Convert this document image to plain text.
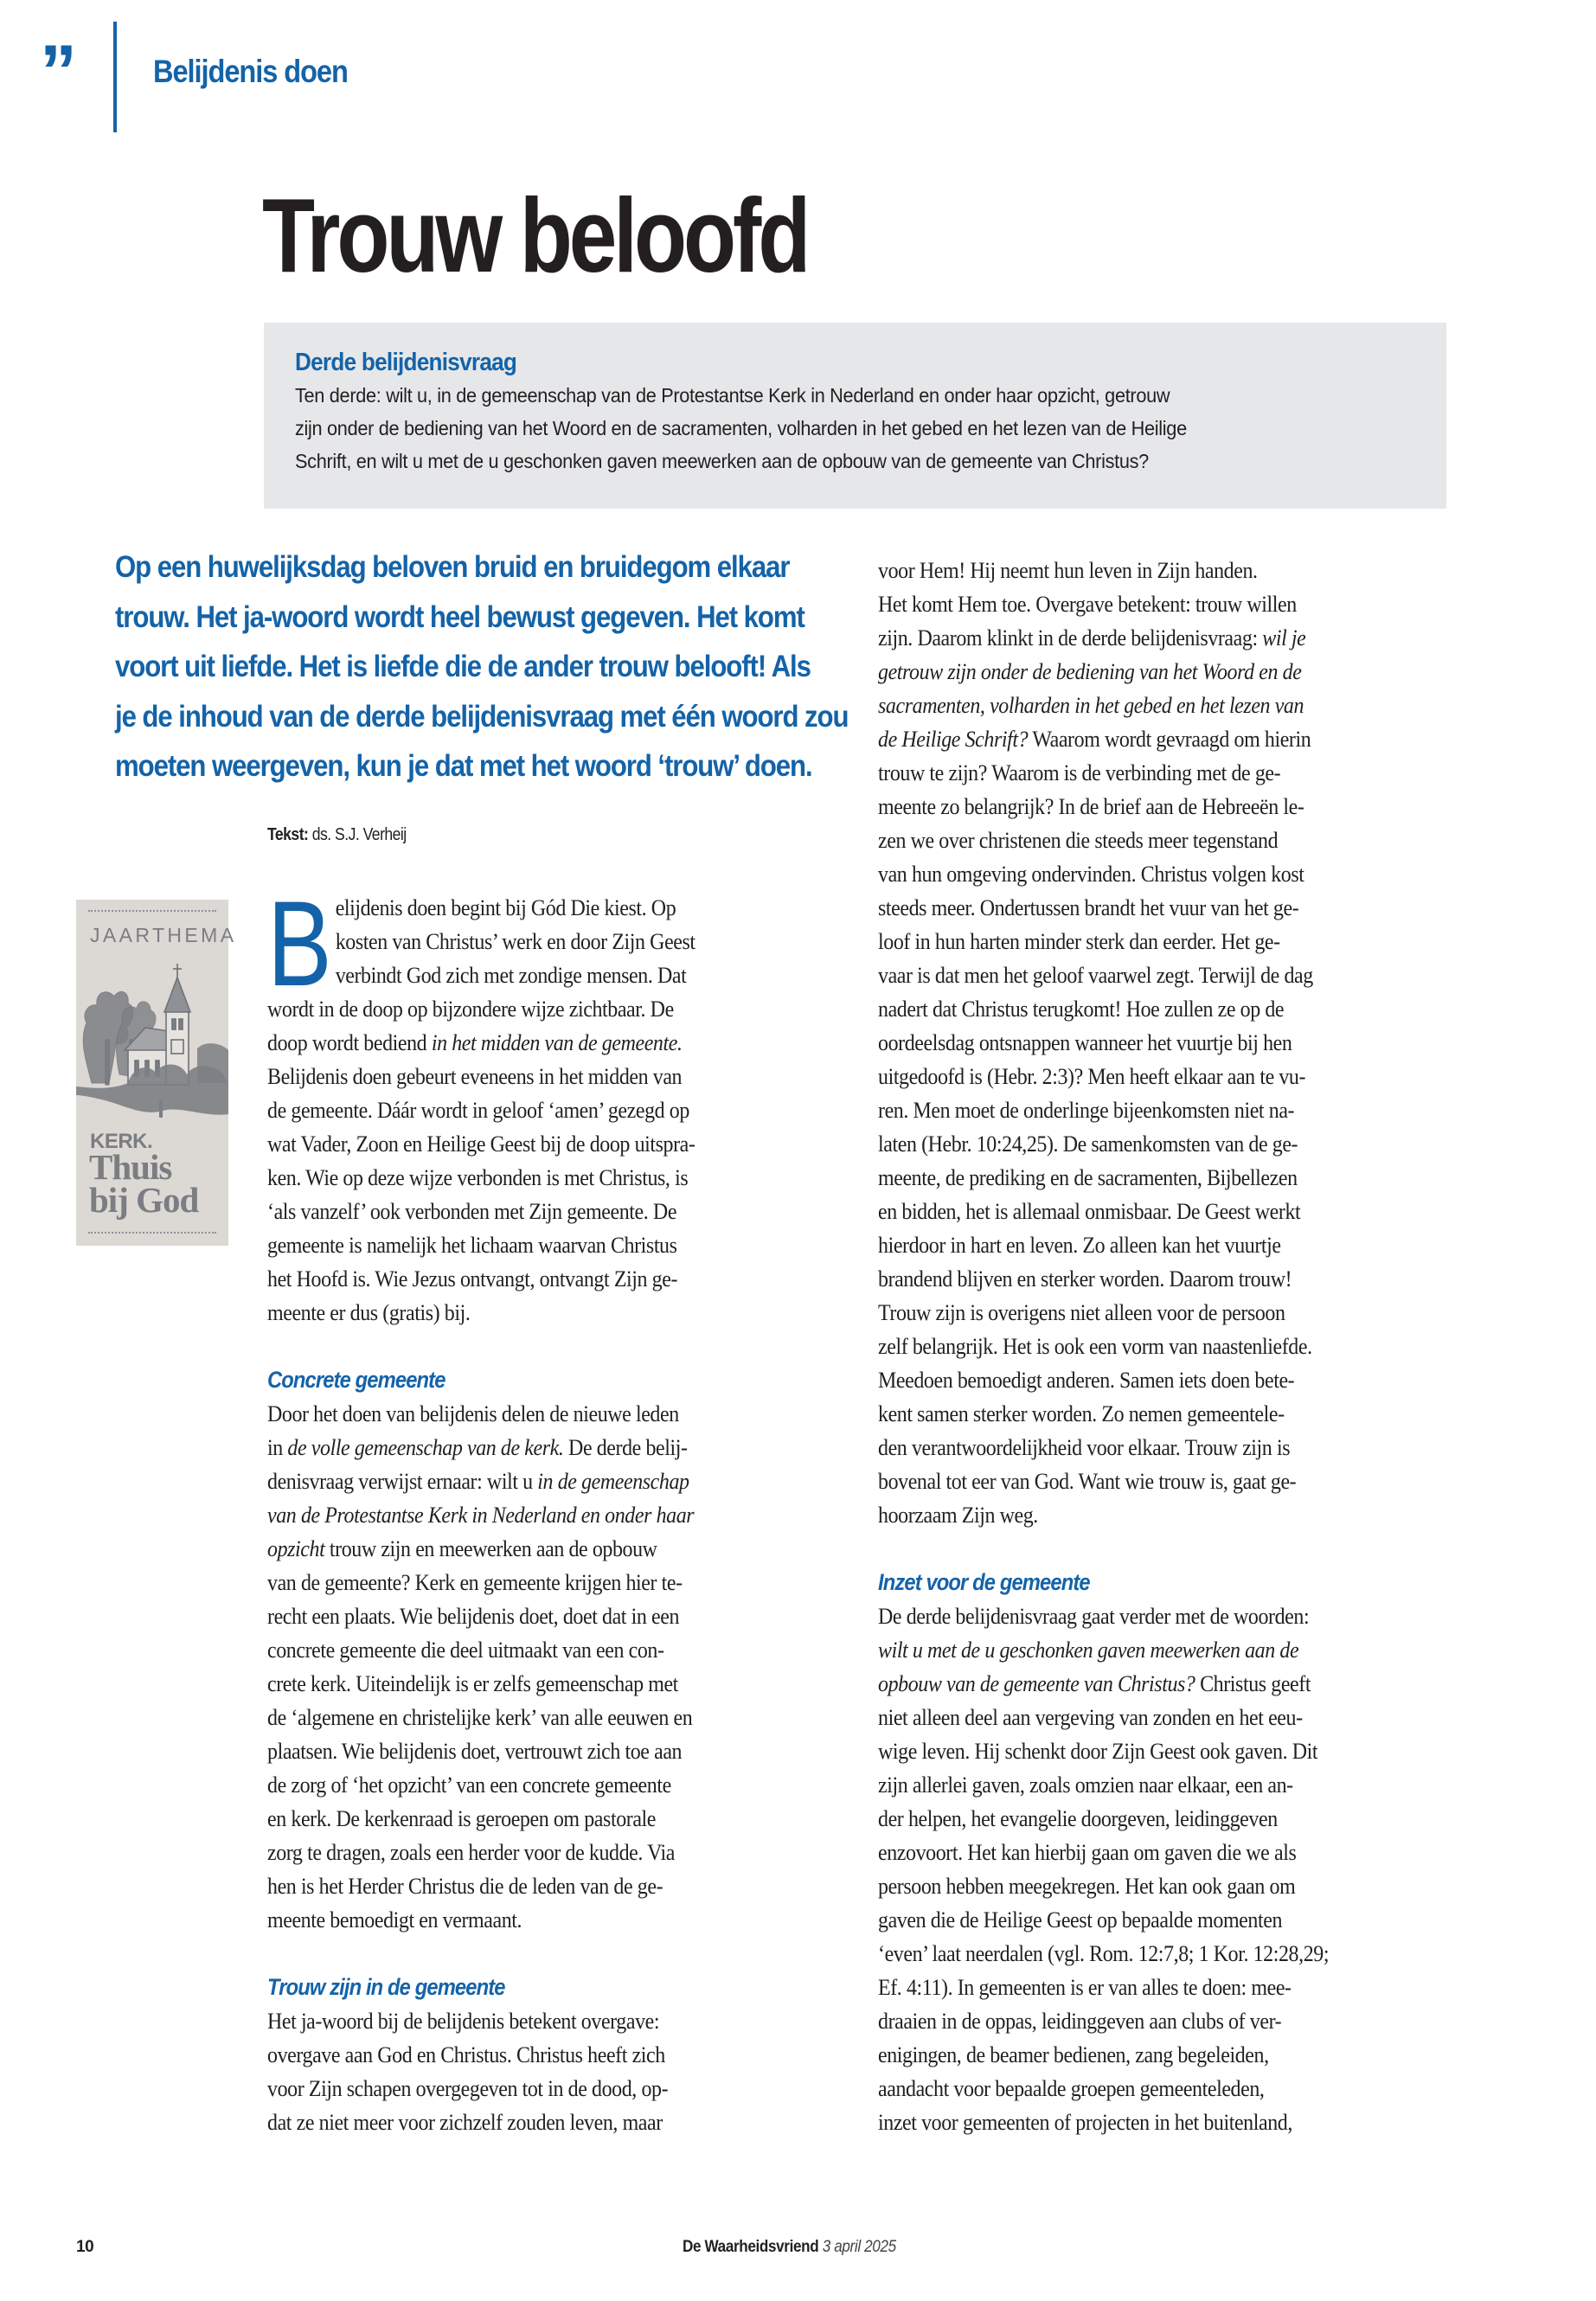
”	Belijdenis doen
Trouw beloofd
Derde belijdenisvraag
Ten derde: wilt u, in de gemeenschap van de Protestantse Kerk in Nederland en onder haar opzicht, getrouw
zijn onder de bediening van het Woord en de sacramenten, volharden in het gebed en het lezen van de Heilige
Schrift, en wilt u met de u geschonken gaven meewerken aan de opbouw van de gemeente van Christus?
Op een huwelijksdag beloven bruid en bruidegom elkaar
trouw. Het ja-woord wordt heel bewust gegeven. Het komt
voort uit liefde. Het is liefde die de ander trouw belooft! Als
je de inhoud van de derde belijdenisvraag met één woord zou
moeten weergeven, kun je dat met het woord ‘trouw’ doen.
Tekst: ds. S.J. Verheij
JAARTHEMA
KERK.
Thuis
bij God
B elijdenis doen begint bij Gód Die kiest. Op

kosten van Christus’ werk en door Zijn Geest

verbindt God zich met zondige mensen. Dat

wordt in de doop op bijzondere wijze zichtbaar. De

doop wordt bediend in het midden van de gemeente.

Belijdenis doen gebeurt eveneens in het midden van

de gemeente. Dáár wordt in geloof ‘amen’ gezegd op

wat Vader, Zoon en Heilige Geest bij de doop uitspra-

ken. Wie op deze wijze verbonden is met Christus, is

‘als vanzelf’ ook verbonden met Zijn gemeente. De

gemeente is namelijk het lichaam waarvan Christus

het Hoofd is. Wie Jezus ontvangt, ontvangt Zijn ge-

meente er dus (gratis) bij.

Concrete gemeente

Door het doen van belijdenis delen de nieuwe leden

in de volle gemeenschap van de kerk. De derde belij-

denisvraag verwijst ernaar: wilt u in de gemeenschap

van de Protestantse Kerk in Nederland en onder haar

opzicht trouw zijn en meewerken aan de opbouw

van de gemeente? Kerk en gemeente krijgen hier te-

recht een plaats. Wie belijdenis doet, doet dat in een

concrete gemeente die deel uitmaakt van een con-

crete kerk. Uiteindelijk is er zelfs gemeenschap met

de ‘algemene en christelijke kerk’ van alle eeuwen en

plaatsen. Wie belijdenis doet, vertrouwt zich toe aan

de zorg of ‘het opzicht’ van een concrete gemeente

en kerk. De kerkenraad is geroepen om pastorale

zorg te dragen, zoals een herder voor de kudde. Via

hen is het Herder Christus die de leden van de ge-

meente bemoedigt en vermaant.

Trouw zijn in de gemeente

Het ja-woord bij de belijdenis betekent overgave:

overgave aan God en Christus. Christus heeft zich

voor Zijn schapen overgegeven tot in de dood, op-

dat ze niet meer voor zichzelf zouden leven, maar

voor Hem! Hij neemt hun leven in Zijn handen.

Het komt Hem toe. Overgave betekent: trouw willen

zijn. Daarom klinkt in de derde belijdenisvraag: wil je

getrouw zijn onder de bediening van het Woord en de

sacramenten, volharden in het gebed en het lezen van

de Heilige Schrift? Waarom wordt gevraagd om hierin

trouw te zijn? Waarom is de verbinding met de ge-

meente zo belangrijk? In de brief aan de Hebreeën le-

zen we over christenen die steeds meer tegenstand

van hun omgeving ondervinden. Christus volgen kost

steeds meer. Ondertussen brandt het vuur van het ge-

loof in hun harten minder sterk dan eerder. Het ge-

vaar is dat men het geloof vaarwel zegt. Terwijl de dag

nadert dat Christus terugkomt! Hoe zullen ze op de

oordeelsdag ontsnappen wanneer het vuurtje bij hen

uitgedoofd is (Hebr. 2:3)? Men heeft elkaar aan te vu-

ren. Men moet de onderlinge bijeenkomsten niet na-

laten (Hebr. 10:24,25). De samenkomsten van de ge-

meente, de prediking en de sacramenten, Bijbellezen

en bidden, het is allemaal onmisbaar. De Geest werkt

hierdoor in hart en leven. Zo alleen kan het vuurtje

brandend blijven en sterker worden. Daarom trouw!

Trouw zijn is overigens niet alleen voor de persoon

zelf belangrijk. Het is ook een vorm van naastenliefde.

Meedoen bemoedigt anderen. Samen iets doen bete-

kent samen sterker worden. Zo nemen gemeentele-

den verantwoordelijkheid voor elkaar. Trouw zijn is

bovenal tot eer van God. Want wie trouw is, gaat ge-

hoorzaam Zijn weg.

Inzet voor de gemeente

De derde belijdenisvraag gaat verder met de woorden:

wilt u met de u geschonken gaven meewerken aan de

opbouw van de gemeente van Christus? Christus geeft

niet alleen deel aan vergeving van zonden en het eeu-

wige leven. Hij schenkt door Zijn Geest ook gaven. Dit

zijn allerlei gaven, zoals omzien naar elkaar, een an-

der helpen, het evangelie doorgeven, leidinggeven

enzovoort. Het kan hierbij gaan om gaven die we als

persoon hebben meegekregen. Het kan ook gaan om

gaven die de Heilige Geest op bepaalde momenten

‘even’ laat neerdalen (vgl. Rom. 12:7,8; 1 Kor. 12:28,29;

Ef. 4:11). In gemeenten is er van alles te doen: mee-

draaien in de oppas, leidinggeven aan clubs of ver-

enigingen, de beamer bedienen, zang begeleiden,

aandacht voor bepaalde groepen gemeenteleden,

inzet voor gemeenten of projecten in het buitenland,

10	De Waarheidsvriend 3 april 2025
